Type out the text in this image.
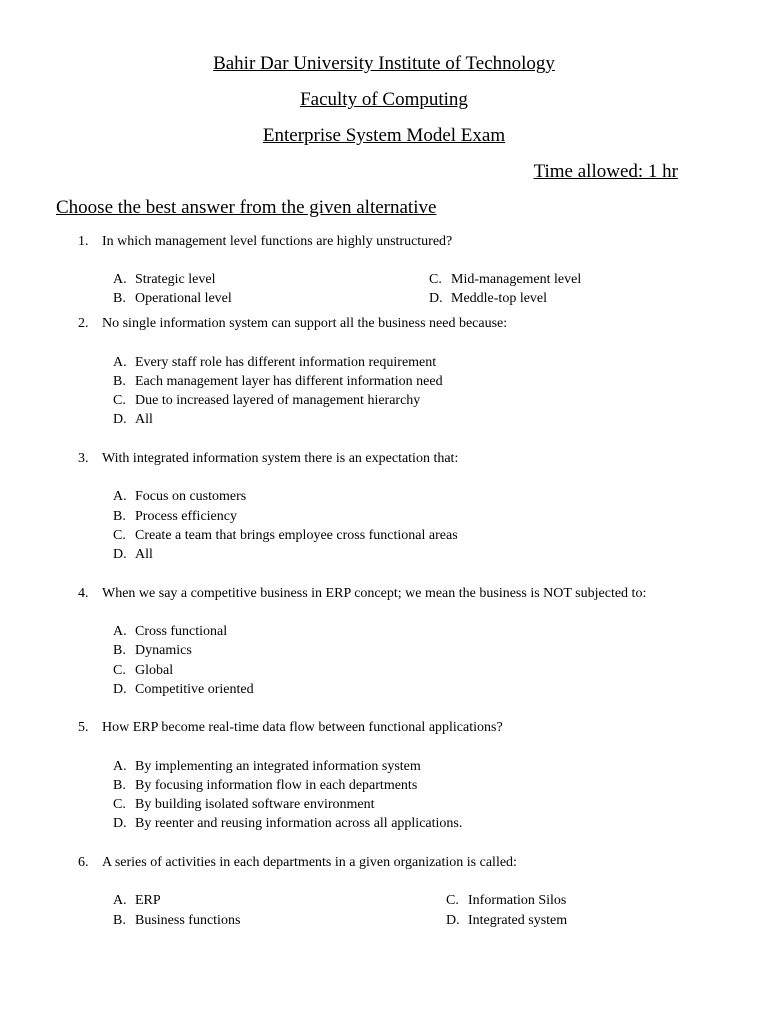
Bahir Dar University Institute of Technology
Faculty of Computing
Enterprise System Model Exam
Time allowed: 1 hr
Choose the best answer from the given alternative
1. In which management level functions are highly unstructured?
A. Strategic level
B. Operational level
C. Mid-management level
D. Meddle-top level
2. No single information system can support all the business need because:
A. Every staff role has different information requirement
B. Each management layer has different information need
C. Due to increased layered of management hierarchy
D. All
3. With integrated information system there is an expectation that:
A. Focus on customers
B. Process efficiency
C. Create a team that brings employee cross functional areas
D. All
4. When we say a competitive business in ERP concept; we mean the business is NOT subjected to:
A. Cross functional
B. Dynamics
C. Global
D. Competitive oriented
5. How ERP become real-time data flow between functional applications?
A. By implementing an integrated information system
B. By focusing information flow in each departments
C. By building isolated software environment
D. By reenter and reusing information across all applications.
6. A series of activities in each departments in a given organization is called:
A. ERP
B. Business functions
C. Information Silos
D. Integrated system
